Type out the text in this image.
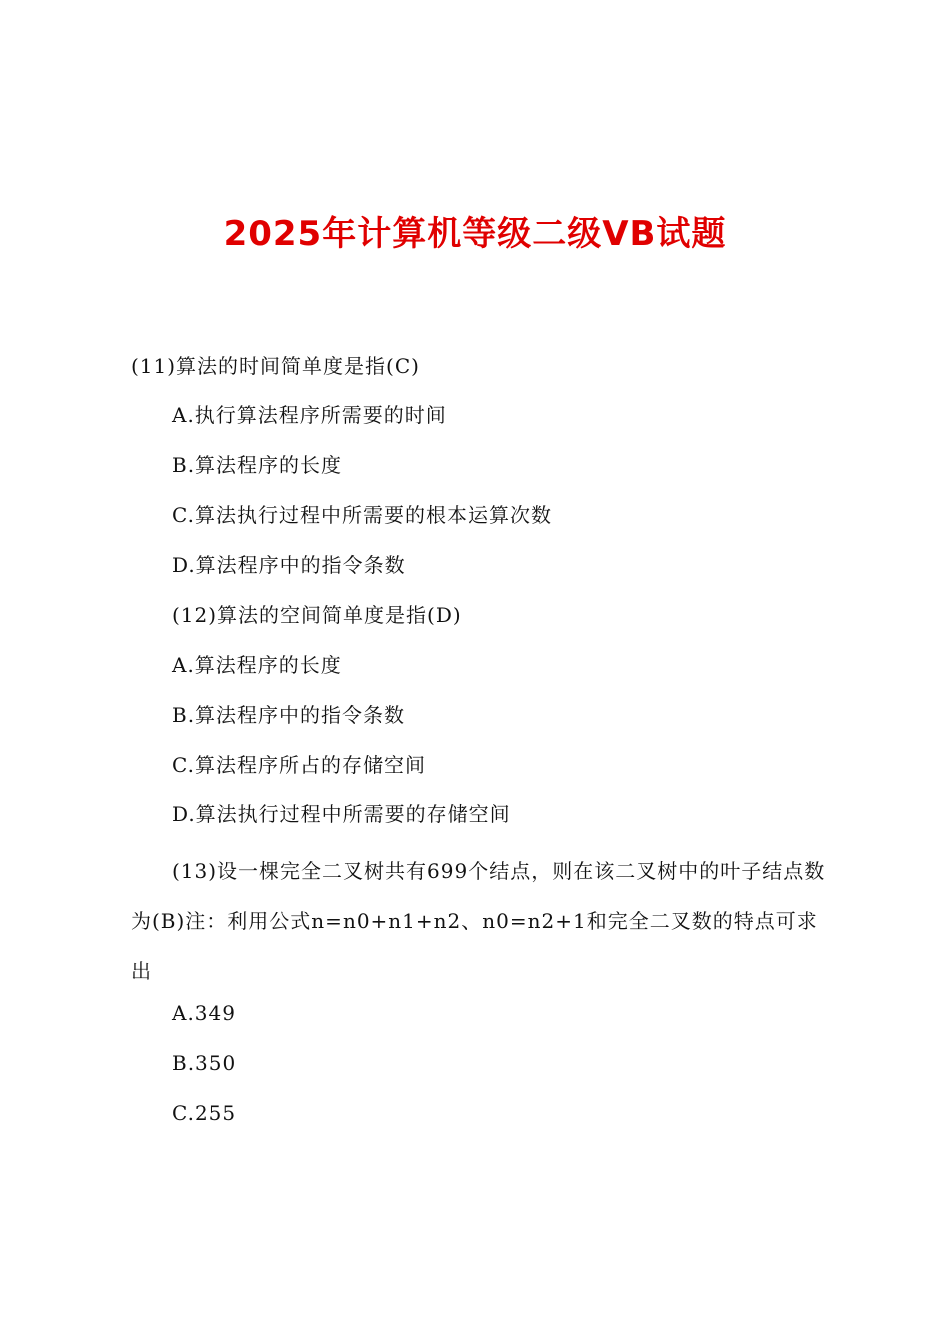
2025年计算机等级二级VB试题
(11)算法的时间简单度是指(C)
A.执行算法程序所需要的时间
B.算法程序的长度
C.算法执行过程中所需要的根本运算次数
D.算法程序中的指令条数
(12)算法的空间简单度是指(D)
A.算法程序的长度
B.算法程序中的指令条数
C.算法程序所占的存储空间
D.算法执行过程中所需要的存储空间

(13)设一棵完全二叉树共有699个结点，则在该二叉树中的叶子结点数为(B)注：利用公式n=n0+n1+n2、n0=n2+1和完全二叉数的特点可求出

A.349
B.350
C.255
